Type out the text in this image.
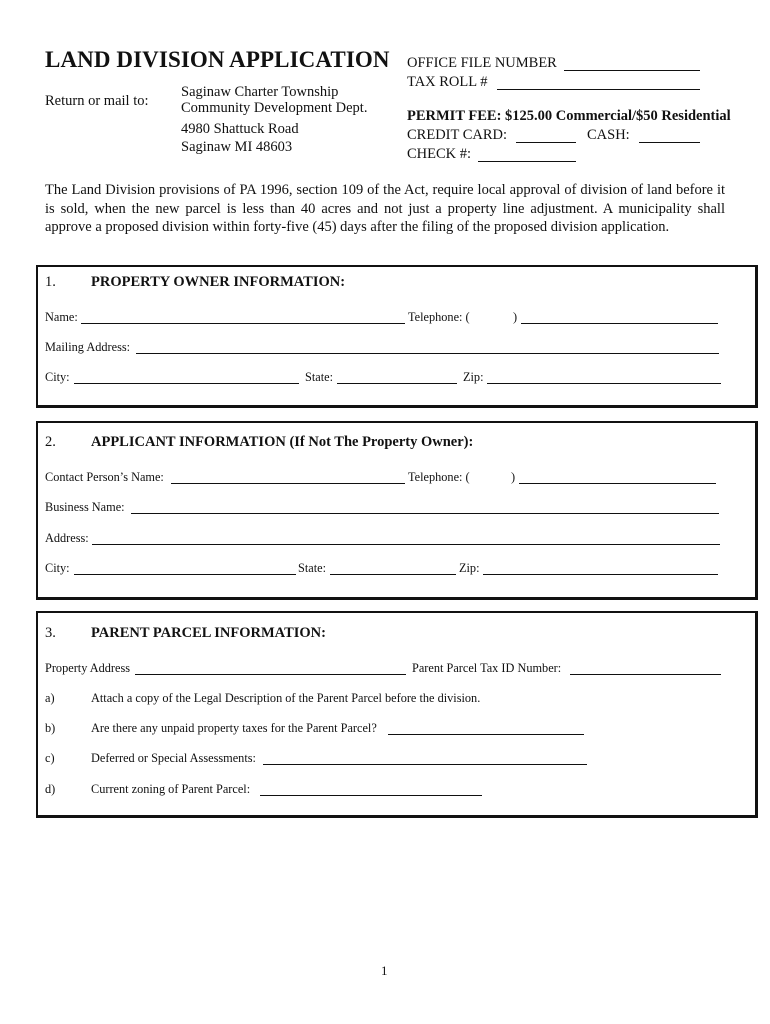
LAND DIVISION APPLICATION
Return or mail to:
Saginaw Charter Township
Community Development Dept.
4980 Shattuck Road
Saginaw MI 48603
OFFICE FILE NUMBER
TAX ROLL #
PERMIT FEE: $125.00 Commercial/$50 Residential
CREDIT CARD:	CASH:
CHECK #:
The Land Division provisions of PA 1996, section 109 of the Act, require local approval of division of land before it is sold, when the new parcel is less than 40 acres and not just a property line adjustment. A municipality shall approve a proposed division within forty-five (45) days after the filing of the proposed division application.
1. PROPERTY OWNER INFORMATION:
Name:	Telephone: (	)
Mailing Address:
City:	State:	Zip:
2. APPLICANT INFORMATION (If Not The Property Owner):
Contact Person’s Name:	Telephone: (	)
Business Name:
Address:
City:	State:	Zip:
3. PARENT PARCEL INFORMATION:
Property Address	Parent Parcel Tax ID Number:
a)	Attach a copy of the Legal Description of the Parent Parcel before the division.
b)	Are there any unpaid property taxes for the Parent Parcel?
c)	Deferred or Special Assessments:
d)	Current zoning of Parent Parcel:
1
